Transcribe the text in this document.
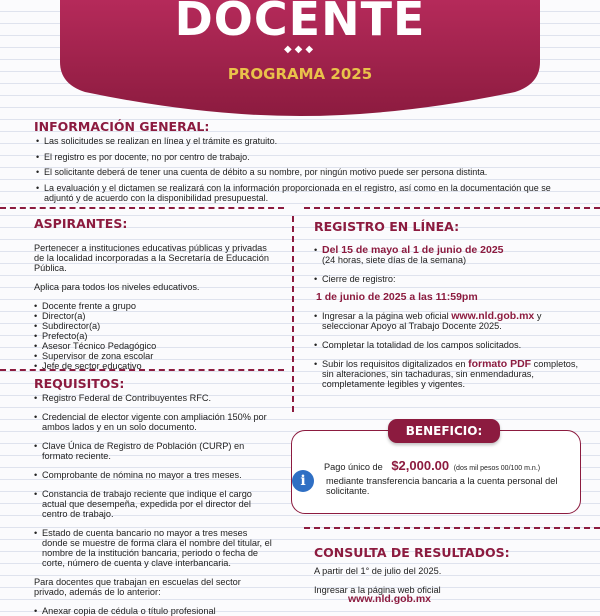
DOCENTE
◆◆◆
PROGRAMA 2025
INFORMACIÓN GENERAL:
• Las solicitudes se realizan en línea y el trámite es gratuito.
• El registro es por docente, no por centro de trabajo.
• El solicitante deberá de tener una cuenta de débito a su nombre, por ningún motivo puede ser persona distinta.
• La evaluación y el dictamen se realizará con la información proporcionada en el registro, así como en la documentación que se adjuntó y de acuerdo con la disponibilidad presupuestal.
ASPIRANTES:
Pertenecer a instituciones educativas públicas y privadas de la localidad incorporadas a la Secretaría de Educación Pública.
Aplica para todos los niveles educativos.
• Docente frente a grupo
• Director(a)
• Subdirector(a)
• Prefecto(a)
• Asesor Técnico Pedagógico
• Supervisor de zona escolar
• Jefe de sector educativo
REQUISITOS:
• Registro Federal de Contribuyentes RFC.
• Credencial de elector vigente con ampliación 150% por ambos lados y en un solo documento.
• Clave Única de Registro de Población (CURP) en formato reciente.
• Comprobante de nómina no mayor a tres meses.
• Constancia de trabajo reciente que indique el cargo actual que desempeña, expedida por el director del centro de trabajo.
• Estado de cuenta bancario no mayor a tres meses donde se muestre de forma clara el nombre del titular, el nombre de la institución bancaria, periodo o fecha de corte, número de cuenta y clave interbancaria.
Para docentes que trabajan en escuelas del sector privado, además de lo anterior:
• Anexar copia de cédula o título profesional
REGISTRO EN LÍNEA:
• Del 15 de mayo al 1 de junio de 2025
(24 horas, siete días de la semana)
• Cierre de registro:
1 de junio de 2025 a las 11:59pm
• Ingresar a la página web oficial www.nld.gob.mx y seleccionar Apoyo al Trabajo Docente 2025.
• Completar la totalidad de los campos solicitados.
• Subir los requisitos digitalizados en formato PDF completos, sin alteraciones, sin tachaduras, sin enmendaduras, completamente legibles y vigentes.
BENEFICIO:
Pago único de $2,000.00 (dos mil pesos 00/100 m.n.)
i	mediante transferencia bancaria a la cuenta personal del solicitante.
CONSULTA DE RESULTADOS:
A partir del 1° de julio del 2025.
Ingresar a la página web oficial
www.nld.gob.mx
